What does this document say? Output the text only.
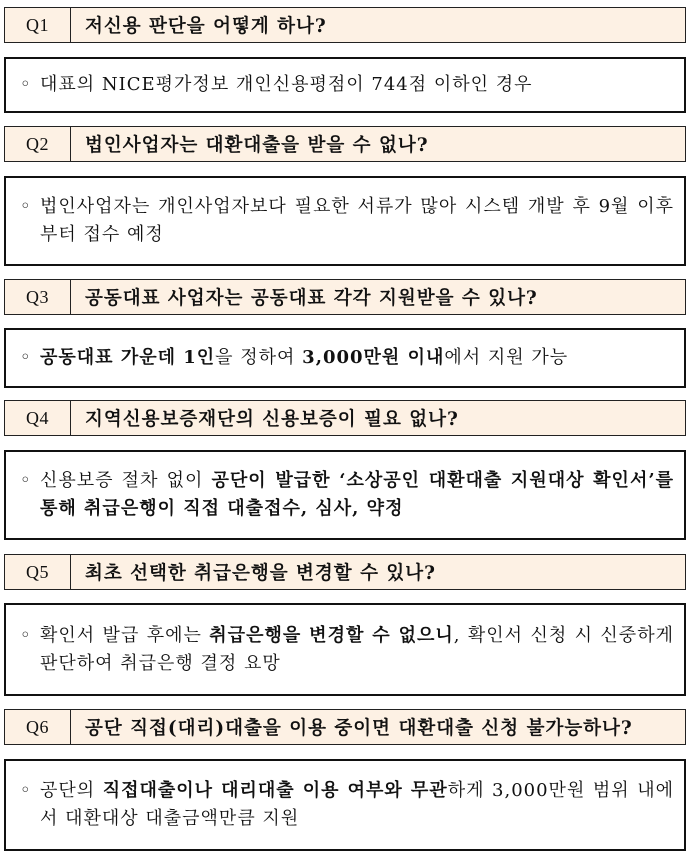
Q1	저신용 판단을 어떻게 하나?
◦ 대표의 NICE평가정보 개인신용평점이 744점 이하인 경우
Q2	법인사업자는 대환대출을 받을 수 없나?
◦ 법인사업자는 개인사업자보다 필요한 서류가 많아 시스템 개발 후 9월 이후부터 접수 예정
Q3	공동대표 사업자는 공동대표 각각 지원받을 수 있나?
◦ 공동대표 가운데 1인을 정하여 3,000만원 이내에서 지원 가능
Q4	지역신용보증재단의 신용보증이 필요 없나?
◦ 신용보증 절차 없이 공단이 발급한 ‘소상공인 대환대출 지원대상 확인서’를 통해 취급은행이 직접 대출접수, 심사, 약정
Q5	최초 선택한 취급은행을 변경할 수 있나?
◦ 확인서 발급 후에는 취급은행을 변경할 수 없으니, 확인서 신청 시 신중하게 판단하여 취급은행 결정 요망
Q6	공단 직접(대리)대출을 이용 중이면 대환대출 신청 불가능하나?
◦ 공단의 직접대출이나 대리대출 이용 여부와 무관하게 3,000만원 범위 내에서 대환대상 대출금액만큼 지원
